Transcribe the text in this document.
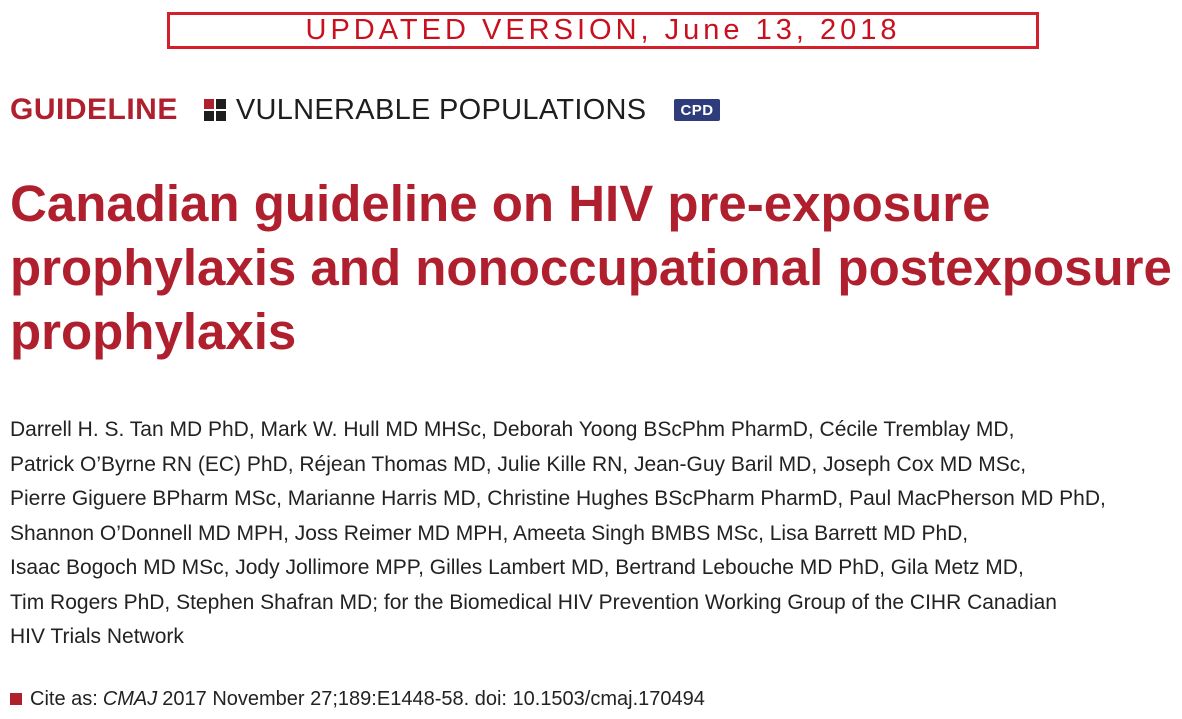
UPDATED VERSION, June 13, 2018
GUIDELINE VULNERABLE POPULATIONS	CPD
Canadian guideline on HIV pre-exposure
prophylaxis and nonoccupational postexposure
prophylaxis
Darrell H. S. Tan MD PhD, Mark W. Hull MD MHSc, Deborah Yoong BScPhm PharmD, Cécile Tremblay MD,
Patrick O’Byrne RN (EC) PhD, Réjean Thomas MD, Julie Kille RN, Jean-Guy Baril MD, Joseph Cox MD MSc,
Pierre Giguere BPharm MSc, Marianne Harris MD, Christine Hughes BScPharm PharmD, Paul MacPherson MD PhD,
Shannon O’Donnell MD MPH, Joss Reimer MD MPH, Ameeta Singh BMBS MSc, Lisa Barrett MD PhD,
Isaac Bogoch MD MSc, Jody Jollimore MPP, Gilles Lambert MD, Bertrand Lebouche MD PhD, Gila Metz MD,
Tim Rogers PhD, Stephen Shafran MD; for the Biomedical HIV Prevention Working Group of the CIHR Canadian
HIV Trials Network
Cite as: CMAJ 2017 November 27;189:E1448-58. doi: 10.1503/cmaj.170494
